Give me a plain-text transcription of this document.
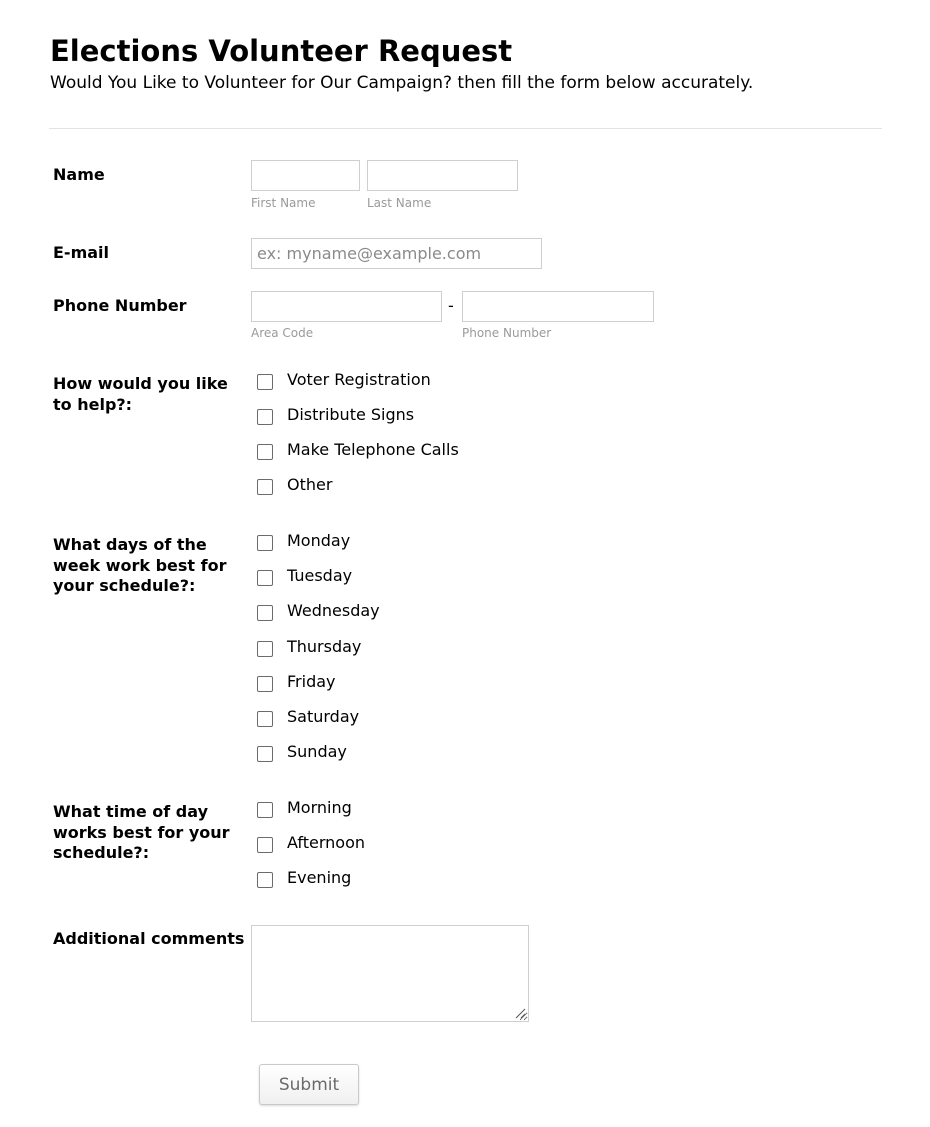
Elections Volunteer Request

Would You Like to Volunteer for Our Campaign? then fill the form below accurately.

Name
First Name	Last Name
E-mail
ex: myname@example.com
Phone Number	-
Area Code	Phone Number
How would you like to help?:
Voter Registration
Distribute Signs
Make Telephone Calls
Other
What days of the week work best for your schedule?:
Monday
Tuesday
Wednesday
Thursday
Friday
Saturday
Sunday
What time of day works best for your schedule?:
Morning
Afternoon
Evening
Additional comments
Submit
